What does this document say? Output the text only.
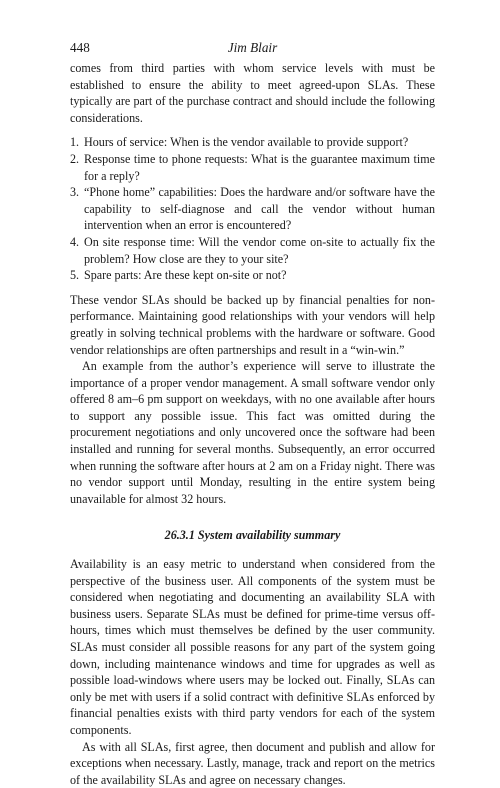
448	Jim Blair

comes from third parties with whom service levels with must be established to ensure the ability to meet agreed-upon SLAs. These typically are part of the purchase contract and should include the following considerations.

1. Hours of service: When is the vendor available to provide support?
2. Response time to phone requests: What is the guarantee maximum time for a reply?
3. “Phone home” capabilities: Does the hardware and/or software have the capability to self-diagnose and call the vendor without human intervention when an error is encountered?
4. On site response time: Will the vendor come on-site to actually fix the problem? How close are they to your site?
5. Spare parts: Are these kept on-site or not?

These vendor SLAs should be backed up by financial penalties for nonperformance. Maintaining good relationships with your vendors will help greatly in solving technical problems with the hardware or software. Good vendor relationships are often partnerships and result in a “win-win.”

An example from the author’s experience will serve to illustrate the importance of a proper vendor management. A small software vendor only offered 8 am–6 pm support on weekdays, with no one available after hours to support any possible issue. This fact was omitted during the procurement negotiations and only uncovered once the software had been installed and running for several months. Subsequently, an error occurred when running the software after hours at 2 am on a Friday night. There was no vendor support until Monday, resulting in the entire system being unavailable for almost 32 hours.

26.3.1 System availability summary

Availability is an easy metric to understand when considered from the perspective of the business user. All components of the system must be considered when negotiating and documenting an availability SLA with business users. Separate SLAs must be defined for prime-time versus off-hours, times which must themselves be defined by the user community. SLAs must consider all possible reasons for any part of the system going down, including maintenance windows and time for upgrades as well as possible load-windows where users may be locked out. Finally, SLAs can only be met with users if a solid contract with definitive SLAs enforced by financial penalties exists with third party vendors for each of the system components.

As with all SLAs, first agree, then document and publish and allow for exceptions when necessary. Lastly, manage, track and report on the metrics of the availability SLAs and agree on necessary changes.
